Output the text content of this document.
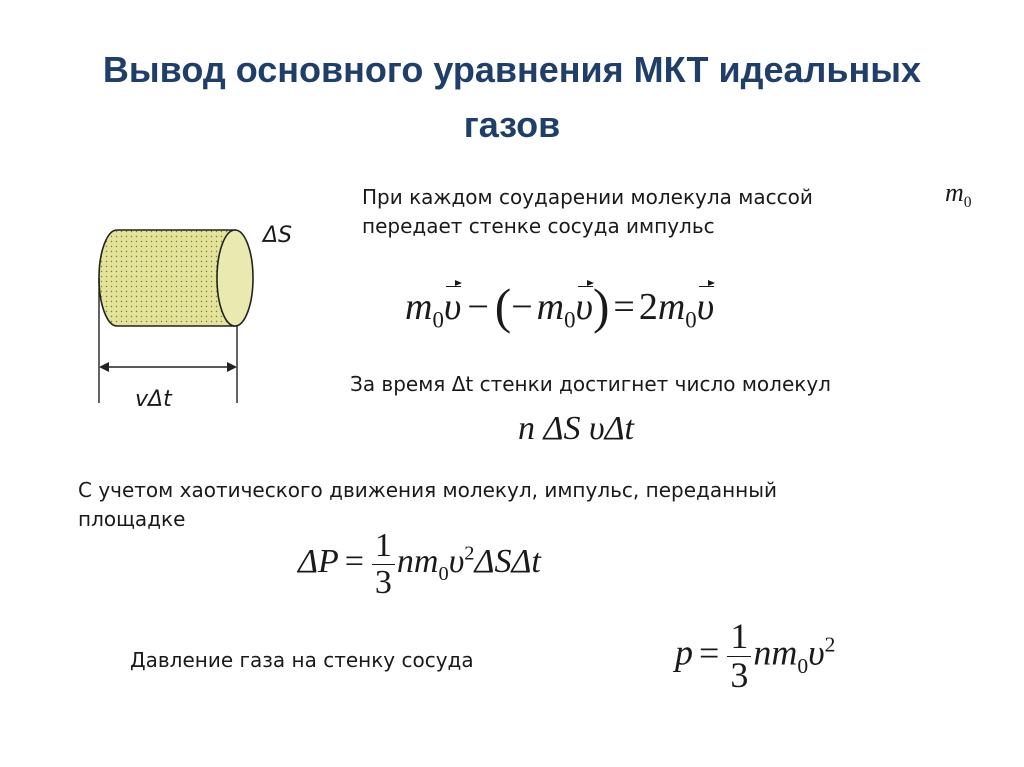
Вывод основного уравнения МКТ идеальных
газов
ΔS
vΔt
При каждом соударении молекула массой
передает стенке сосуда импульс
$m_0$
$m_0\upsilon$ − (− $m_0\upsilon) = 2m_0\upsilon$
За время Δt стенки достигнет число молекул
n ΔS υΔt
С учетом хаотического движения молекул, импульс, переданный
площадке
$\Delta P = \frac{1}{3} nm_0\upsilon^2\Delta S\Delta t$
Давление газа на стенку сосуда	$p = \frac{1}{3} nm_0\upsilon^2$
